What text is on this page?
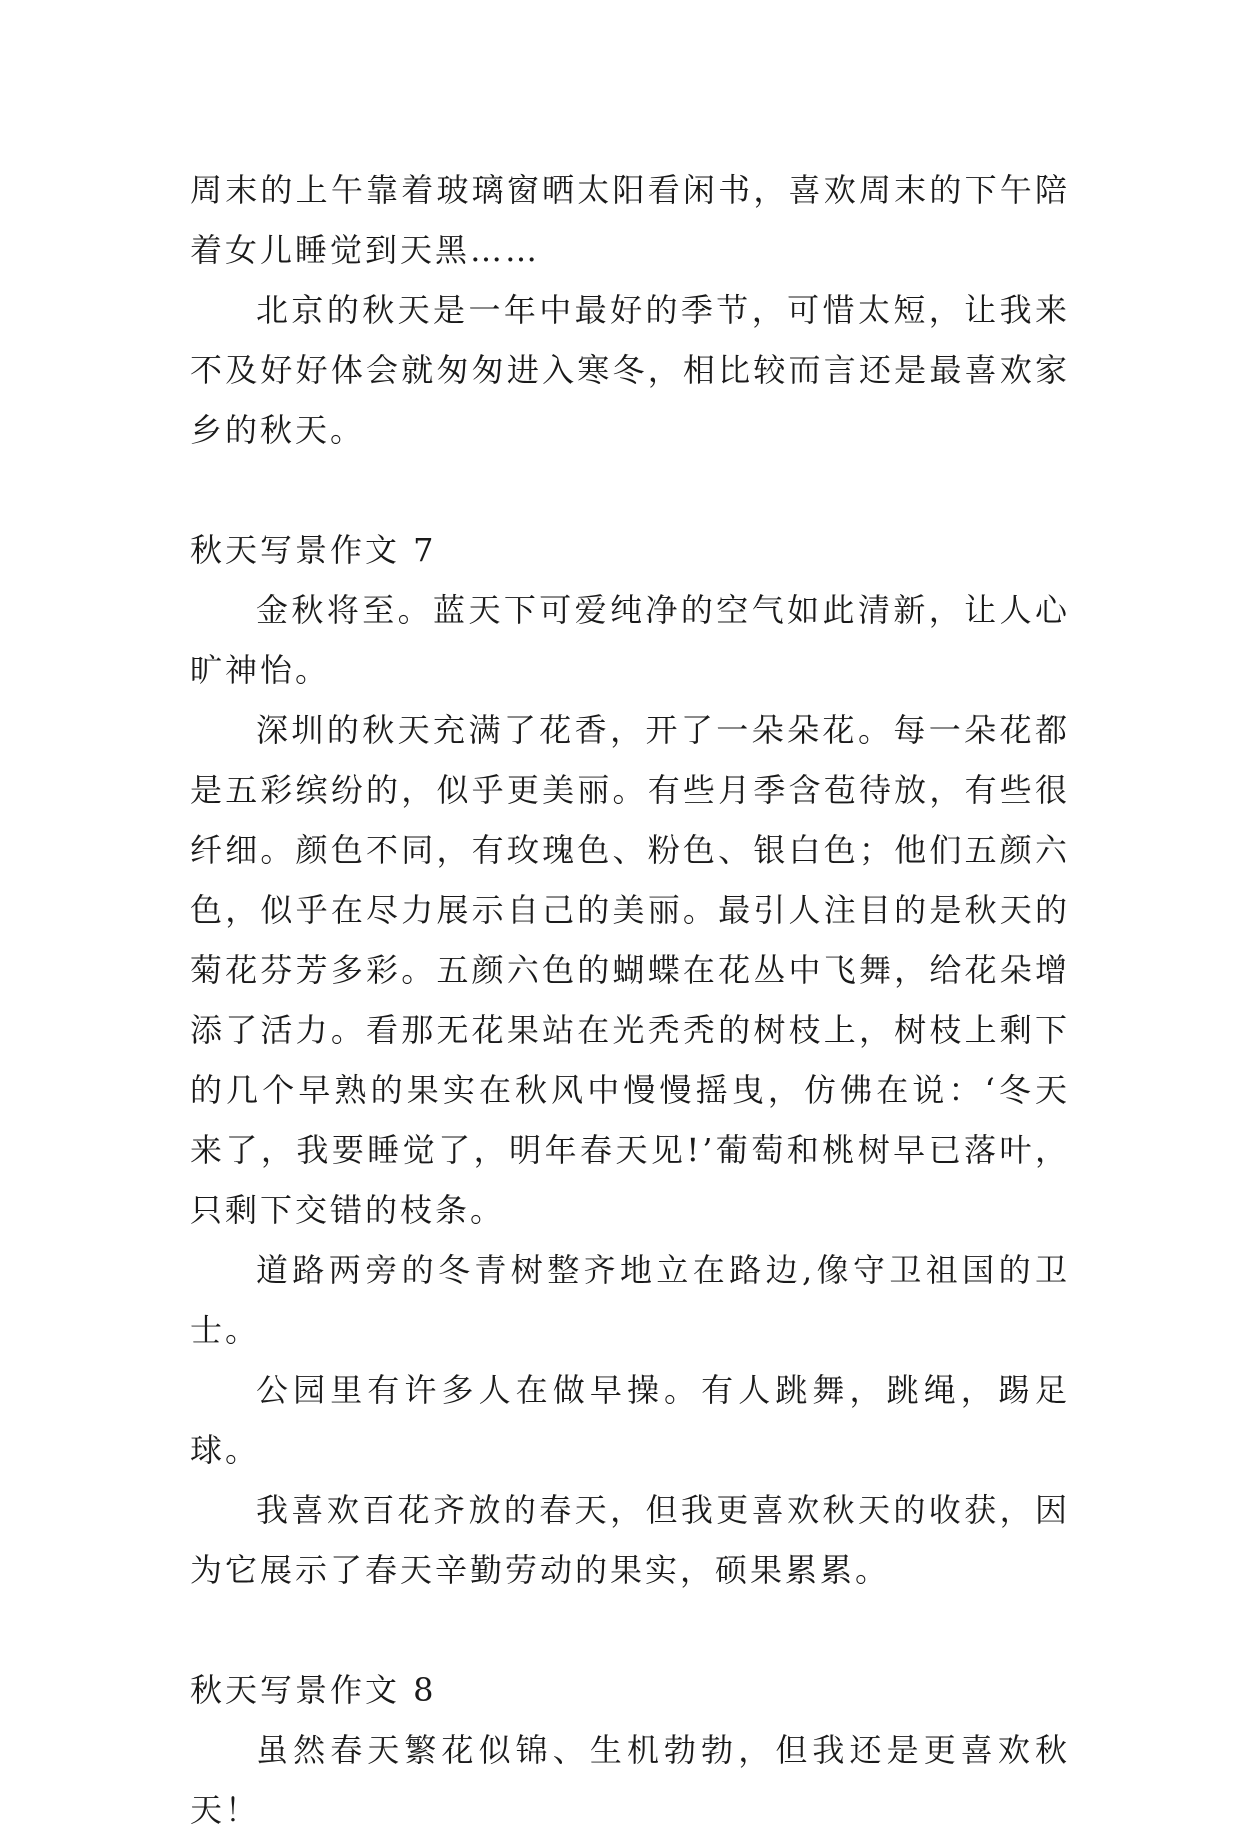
周末的上午靠着玻璃窗晒太阳看闲书，喜欢周末的下午陪着女儿睡觉到天黑……

北京的秋天是一年中最好的季节，可惜太短，让我来不及好好体会就匆匆进入寒冬，相比较而言还是最喜欢家乡的秋天。

秋天写景作文 7

金秋将至。蓝天下可爱纯净的空气如此清新，让人心旷神怡。

深圳的秋天充满了花香，开了一朵朵花。每一朵花都是五彩缤纷的，似乎更美丽。有些月季含苞待放，有些很纤细。颜色不同，有玫瑰色、粉色、银白色；他们五颜六色，似乎在尽力展示自己的美丽。最引人注目的是秋天的菊花芬芳多彩。五颜六色的蝴蝶在花丛中飞舞，给花朵增添了活力。看那无花果站在光秃秃的树枝上，树枝上剩下的几个早熟的果实在秋风中慢慢摇曳，仿佛在说：‘冬天来了，我要睡觉了，明年春天见!’葡萄和桃树早已落叶，只剩下交错的枝条。

道路两旁的冬青树整齐地立在路边,像守卫祖国的卫士。

公园里有许多人在做早操。有人跳舞，跳绳，踢足球。

我喜欢百花齐放的春天，但我更喜欢秋天的收获，因为它展示了春天辛勤劳动的果实，硕果累累。

秋天写景作文 8

虽然春天繁花似锦、生机勃勃，但我还是更喜欢秋天！
